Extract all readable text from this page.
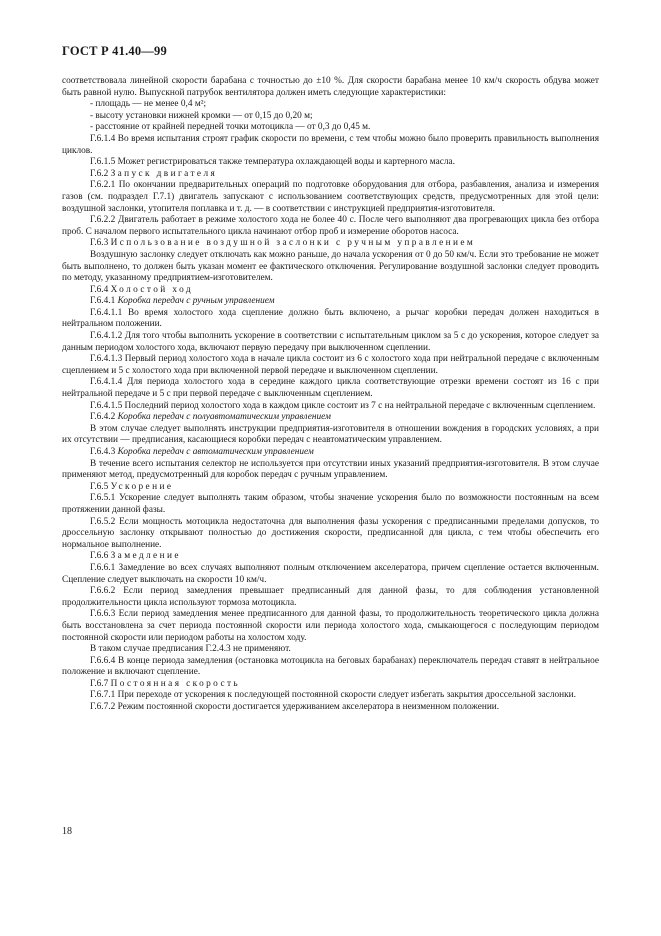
ГОСТ Р 41.40—99

соответствовала линейной скорости барабана с точностью до ±10 %. Для скорости барабана менее 10 км/ч скорость обдува может быть равной нулю. Выпускной патрубок вентилятора должен иметь следующие характеристики:

- площадь — не менее 0,4 м²;

- высоту установки нижней кромки — от 0,15 до 0,20 м;

- расстояние от крайней передней точки мотоцикла — от 0,3 до 0,45 м.

Г.6.1.4 Во время испытания строят график скорости по времени, с тем чтобы можно было проверить правильность выполнения циклов.

Г.6.1.5 Может регистрироваться также температура охлаждающей воды и картерного масла.

Г.6.2 Запуск двигателя

Г.6.2.1 По окончании предварительных операций по подготовке оборудования для отбора, разбавления, анализа и измерения газов (см. подраздел Г.7.1) двигатель запускают с использованием соответствующих средств, предусмотренных для этой цели: воздушной заслонки, утопителя поплавка и т. д. — в соответствии с инструкцией предприятия-изготовителя.

Г.6.2.2 Двигатель работает в режиме холостого хода не более 40 с. После чего выполняют два прогревающих цикла без отбора проб. С началом первого испытательного цикла начинают отбор проб и измерение оборотов насоса.

Г.6.3 Использование воздушной заслонки с ручным управлением

Воздушную заслонку следует отключать как можно раньше, до начала ускорения от 0 до 50 км/ч. Если это требование не может быть выполнено, то должен быть указан момент ее фактического отключения. Регулирование воздушной заслонки следует проводить по методу, указанному предприятием-изготовителем.

Г.6.4 Холостой ход

Г.6.4.1 Коробка передач с ручным управлением

Г.6.4.1.1 Во время холостого хода сцепление должно быть включено, а рычаг коробки передач должен находиться в нейтральном положении.

Г.6.4.1.2 Для того чтобы выполнить ускорение в соответствии с испытательным циклом за 5 с до ускорения, которое следует за данным периодом холостого хода, включают первую передачу при выключенном сцеплении.

Г.6.4.1.3 Первый период холостого хода в начале цикла состоит из 6 с холостого хода при нейтральной передаче с включенным сцеплением и 5 с холостого хода при включенной первой передаче и выключенном сцеплении.

Г.6.4.1.4 Для периода холостого хода в середине каждого цикла соответствующие отрезки времени состоят из 16 с при нейтральной передаче и 5 с при первой передаче с выключенным сцеплением.

Г.6.4.1.5 Последний период холостого хода в каждом цикле состоит из 7 с на нейтральной передаче с включенным сцеплением.

Г.6.4.2 Коробка передач с полуавтоматическим управлением

В этом случае следует выполнять инструкции предприятия-изготовителя в отношении вождения в городских условиях, а при их отсутствии — предписания, касающиеся коробки передач с неавтоматическим управлением.

Г.6.4.3 Коробка передач с автоматическим управлением

В течение всего испытания селектор не используется при отсутствии иных указаний предприятия-изготовителя. В этом случае применяют метод, предусмотренный для коробок передач с ручным управлением.

Г.6.5 Ускорение

Г.6.5.1 Ускорение следует выполнять таким образом, чтобы значение ускорения было по возможности постоянным на всем протяжении данной фазы.

Г.6.5.2 Если мощность мотоцикла недостаточна для выполнения фазы ускорения с предписанными пределами допусков, то дроссельную заслонку открывают полностью до достижения скорости, предписанной для цикла, с тем чтобы обеспечить его нормальное выполнение.

Г.6.6 Замедление

Г.6.6.1 Замедление во всех случаях выполняют полным отключением акселератора, причем сцепление остается включенным. Сцепление следует выключать на скорости 10 км/ч.

Г.6.6.2 Если период замедления превышает предписанный для данной фазы, то для соблюдения установленной продолжительности цикла используют тормоза мотоцикла.

Г.6.6.3 Если период замедления менее предписанного для данной фазы, то продолжительность теоретического цикла должна быть восстановлена за счет периода постоянной скорости или периода холостого хода, смыкающегося с последующим периодом постоянной скорости или периодом работы на холостом ходу.

В таком случае предписания Г.2.4.3 не применяют.

Г.6.6.4 В конце периода замедления (остановка мотоцикла на беговых барабанах) переключатель передач ставят в нейтральное положение и включают сцепление.

Г.6.7 Постоянная скорость

Г.6.7.1 При переходе от ускорения к последующей постоянной скорости следует избегать закрытия дроссельной заслонки.

Г.6.7.2 Режим постоянной скорости достигается удерживанием акселератора в неизменном положении.

18
